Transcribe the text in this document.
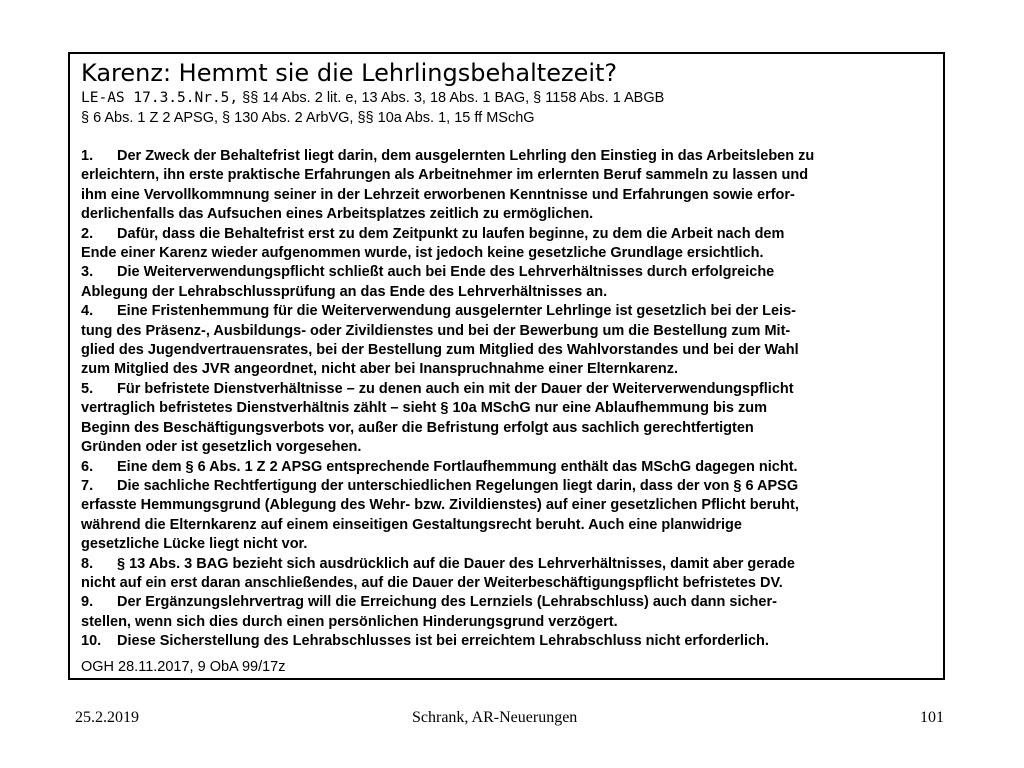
Karenz: Hemmt sie die Lehrlingsbehaltezeit?
LE-AS 17.3.5.Nr.5, §§ 14 Abs. 2 lit. e, 13 Abs. 3, 18 Abs. 1 BAG, § 1158 Abs. 1 ABGB
§ 6 Abs. 1 Z 2 APSG, § 130 Abs. 2 ArbVG, §§ 10a Abs. 1, 15 ff MSchG
1. Der Zweck der Behaltefrist liegt darin, dem ausgelernten Lehrling den Einstieg in das Arbeitsleben zu
erleichtern, ihn erste praktische Erfahrungen als Arbeitnehmer im erlernten Beruf sammeln zu lassen und
ihm eine Vervollkommnung seiner in der Lehrzeit erworbenen Kenntnisse und Erfahrungen sowie erfor-
derlichenfalls das Aufsuchen eines Arbeitsplatzes zeitlich zu ermöglichen.
2. Dafür, dass die Behaltefrist erst zu dem Zeitpunkt zu laufen beginne, zu dem die Arbeit nach dem
Ende einer Karenz wieder aufgenommen wurde, ist jedoch keine gesetzliche Grundlage ersichtlich.
3. Die Weiterverwendungspflicht schließt auch bei Ende des Lehrverhältnisses durch erfolgreiche
Ablegung der Lehrabschlussprüfung an das Ende des Lehrverhältnisses an.
4. Eine Fristenhemmung für die Weiterverwendung ausgelernter Lehrlinge ist gesetzlich bei der Leis-
tung des Präsenz-, Ausbildungs- oder Zivildienstes und bei der Bewerbung um die Bestellung zum Mit-
glied des Jugendvertrauensrates, bei der Bestellung zum Mitglied des Wahlvorstandes und bei der Wahl
zum Mitglied des JVR angeordnet, nicht aber bei Inanspruchnahme einer Elternkarenz.
5. Für befristete Dienstverhältnisse – zu denen auch ein mit der Dauer der Weiterverwendungspflicht
vertraglich befristetes Dienstverhältnis zählt – sieht § 10a MSchG nur eine Ablaufhemmung bis zum
Beginn des Beschäftigungsverbots vor, außer die Befristung erfolgt aus sachlich gerechtfertigten
Gründen oder ist gesetzlich vorgesehen.
6. Eine dem § 6 Abs. 1 Z 2 APSG entsprechende Fortlaufhemmung enthält das MSchG dagegen nicht.
7. Die sachliche Rechtfertigung der unterschiedlichen Regelungen liegt darin, dass der von § 6 APSG
erfasste Hemmungsgrund (Ablegung des Wehr- bzw. Zivildienstes) auf einer gesetzlichen Pflicht beruht,
während die Elternkarenz auf einem einseitigen Gestaltungsrecht beruht. Auch eine planwidrige
gesetzliche Lücke liegt nicht vor.
8. § 13 Abs. 3 BAG bezieht sich ausdrücklich auf die Dauer des Lehrverhältnisses, damit aber gerade
nicht auf ein erst daran anschließendes, auf die Dauer der Weiterbeschäftigungspflicht befristetes DV.
9. Der Ergänzungslehrvertrag will die Erreichung des Lernziels (Lehrabschluss) auch dann sicher-
stellen, wenn sich dies durch einen persönlichen Hinderungsgrund verzögert.
10. Diese Sicherstellung des Lehrabschlusses ist bei erreichtem Lehrabschluss nicht erforderlich.
OGH 28.11.2017, 9 ObA 99/17z
25.2.2019	Schrank, AR-Neuerungen	101
